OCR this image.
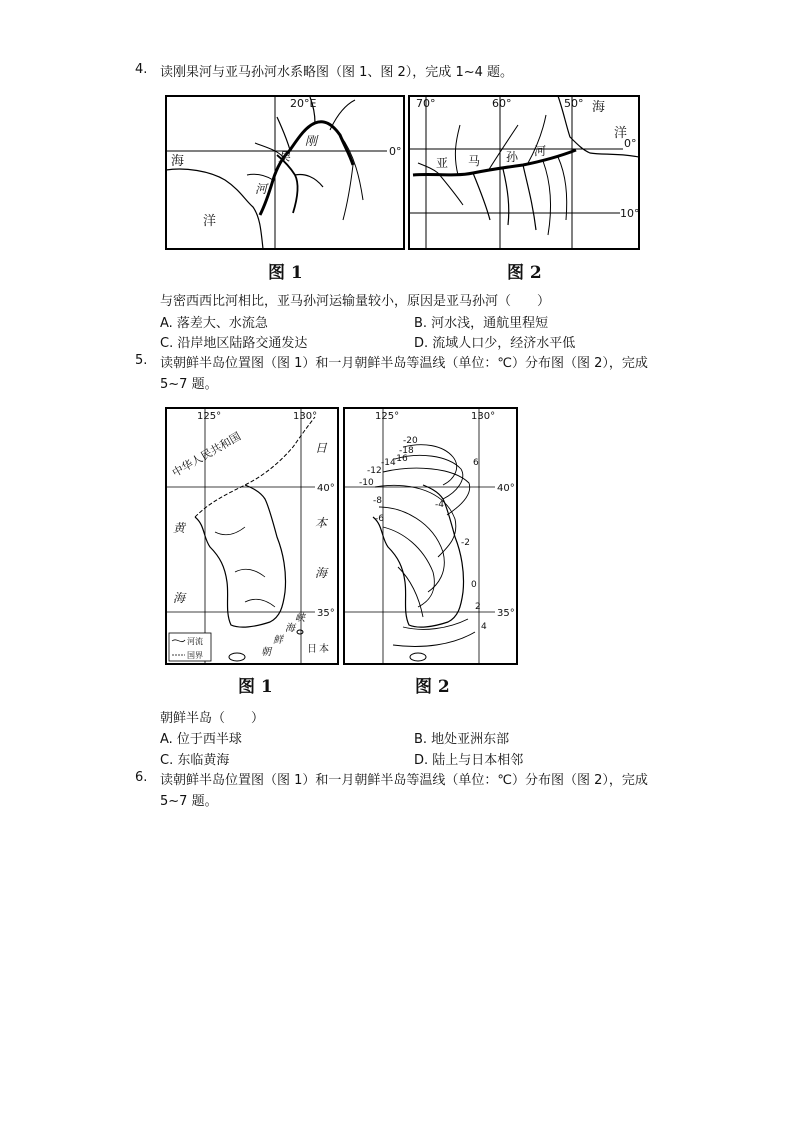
4. 读刚果河与亚马孙河水系略图（图 1、图 2），完成 1~4 题。
20°E
0°
海
洋
刚
果
河
图 1
70°	60°	50°
0°
10°
亚 马 孙 河
海
洋
图 2
与密西西比河相比，亚马孙河运输量较小，原因是亚马孙河（　　）
A. 落差大、水流急	B. 河水浅，通航里程短
C. 沿岸地区陆路交通发达	D. 流域人口少，经济水平低
5. 读朝鲜半岛位置图（图 1）和一月朝鲜半岛等温线（单位：℃）分布图（图 2），完成 5~7 题。
125°	130°
40°
35°
中华人民共和国	日
本
海
黄
海
朝
鲜
海
峡
日 本
河流
国界
图 1
125°	130°
40°
35°
-20
-18
-16
-14
-12
-10
-8
-6
-4
-2
0
2
4
6
图 2
朝鲜半岛（　　）
A. 位于西半球	B. 地处亚洲东部
C. 东临黄海	D. 陆上与日本相邻
6. 读朝鲜半岛位置图（图 1）和一月朝鲜半岛等温线（单位：℃）分布图（图 2），完成 5~7 题。
